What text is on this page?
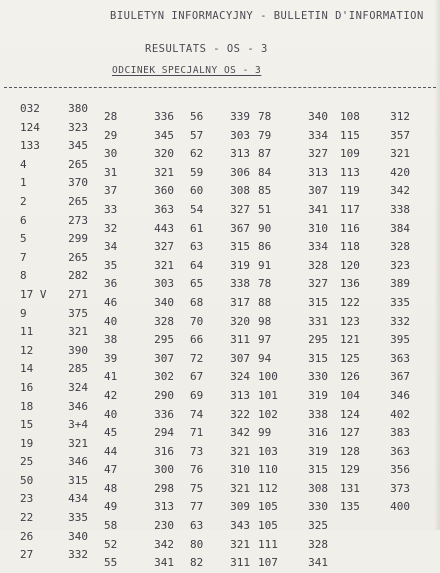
BIULETYN INFORMACYJNY - BULLETIN D'INFORMATION
RESULTATS - OS - 3
ODCINEK SPECJALNY OS - 3
032
124
133
4
1
2
6
5
7
8
17 V
9
11
12
14
16
18
15
19
25
50
23
22
26
27
380
323
345
265
370
265
273
299
265
282
271
375
321
390
285
324
346
3+4
321
346
315
434
335
340
332
28
29
30
31
37
33
32
34
35
36
46
40
38
39
41
42
40
45
44
47
48
49
58
52
55
336
345
320
321
360
363
443
327
321
303
340
328
295
307
302
290
336
294
316
300
298
313
230
342
341
56
57
62
59
60
54
61
63
64
65
68
70
66
72
67
69
74
71
73
76
75
77
63
80
82
339
303
313
306
308
327
367
315
319
338
317
320
311
307
324
313
322
342
321
310
321
309
343
321
311
78
79
87
84
85
51
90
86
91
78
88
98
97
94
100
101
102
99
103
110
112
105
105
111
107
340
334
327
313
307
341
310
334
328
327
315
331
295
315
330
319
338
316
319
315
308
330
325
328
341
108
115
109
113
119
117
116
118
120
136
122
123
121
125
126
104
124
127
128
129
131
135
312
357
321
420
342
338
384
328
323
389
335
332
395
363
367
346
402
383
363
356
373
400
